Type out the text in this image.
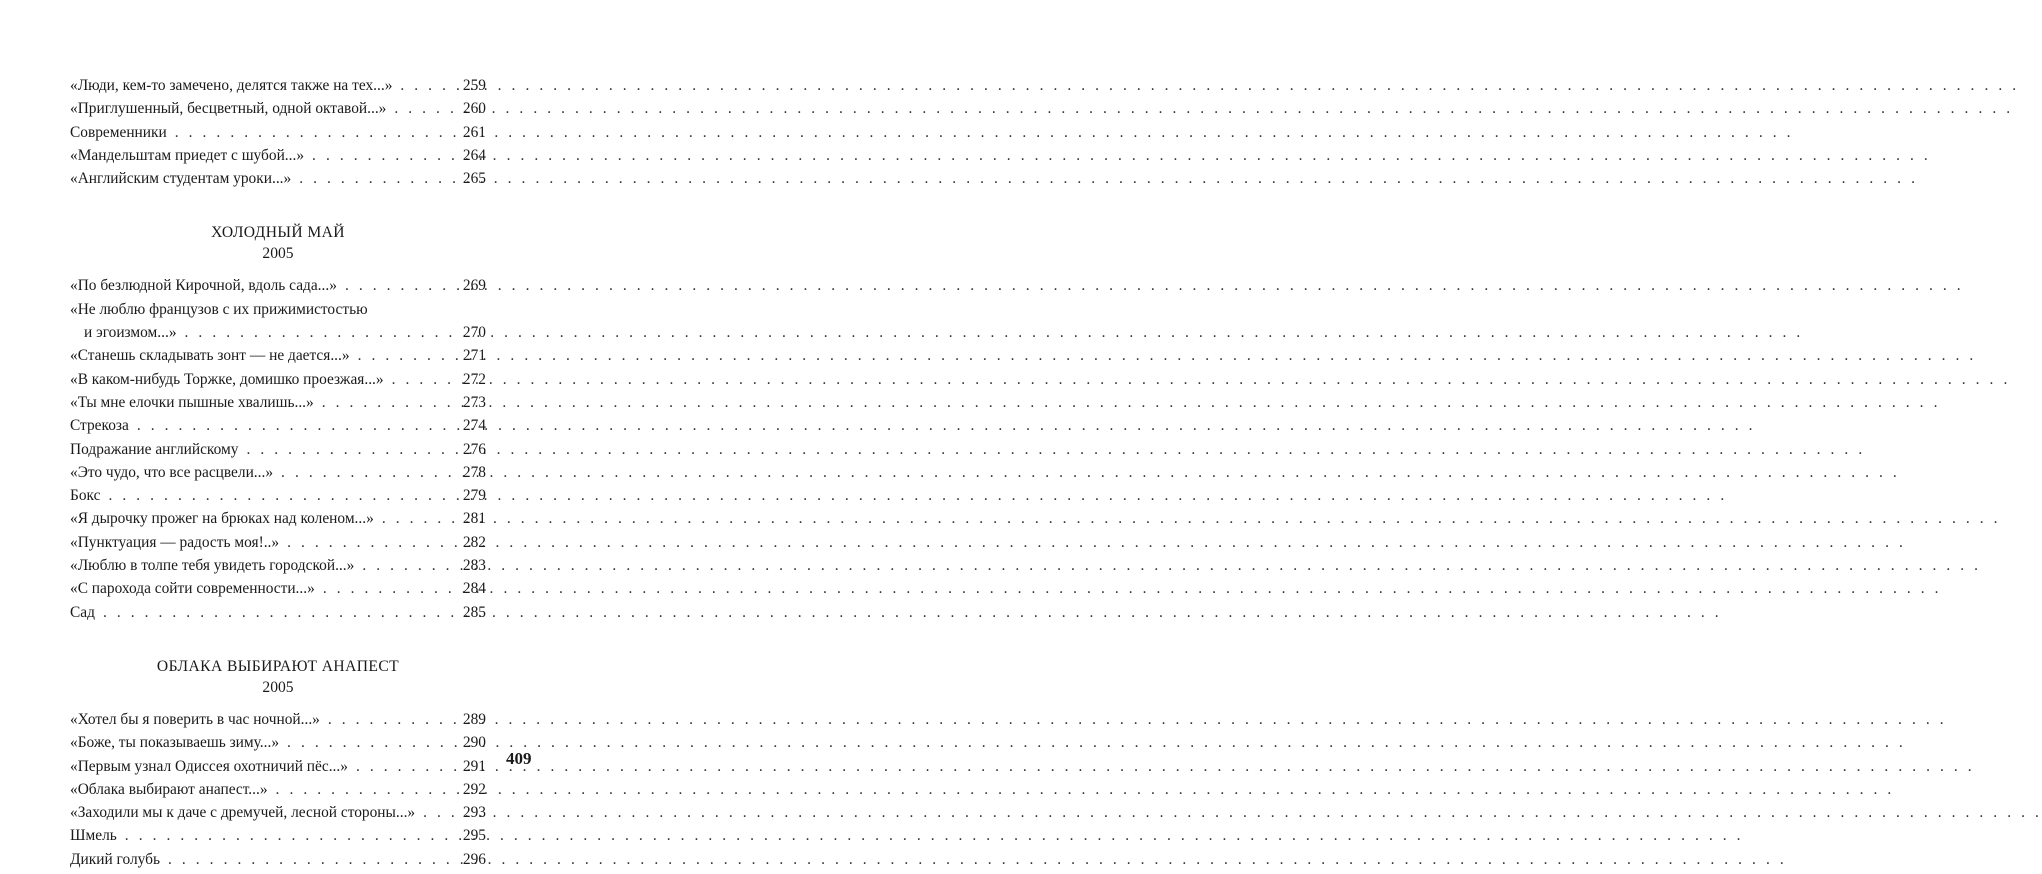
«Люди, кем-то замечено, делятся также на тех...» . . .	259
«Приглушенный, бесцветный, одной октавой...» . . .	260
Современники . . .	261
«Мандельштам приедет с шубой...» . . .	264
«Английским студентам уроки...» . . .	265
ХОЛОДНЫЙ МАЙ
2005
«По безлюдной Кирочной, вдоль сада...» . . .	269
«Не люблю французов с их прижимистостью
и эгоизмом...» . . .	270
«Станешь складывать зонт — не дается...» . . .	271
«В каком-нибудь Торжке, домишко проезжая...» . . .	272
«Ты мне елочки пышные хвалишь...» . . .	273
Стрекоза . . .	274
Подражание английскому . . .	276
«Это чудо, что все расцвели...» . . .	278
Бокс . . .	279
«Я дырочку прожег на брюках над коленом...» . . .	281
«Пунктуация — радость моя!..» . . .	282
«Люблю в толпе тебя увидеть городской...» . . .	283
«С парохода сойти современности...» . . .	284
Сад . . .	285
ОБЛАКА ВЫБИРАЮТ АНАПЕСТ
2005
«Хотел бы я поверить в час ночной...» . . .	289
«Боже, ты показываешь зиму...» . . .	290
«Первым узнал Одиссея охотничий пёс...» . . .	291
«Облака выбирают анапест...» . . .	292
«Заходили мы к даче с дремучей, лесной стороны...» . . .	293
Шмель . . .	295
Дикий голубь . . .	296
409
